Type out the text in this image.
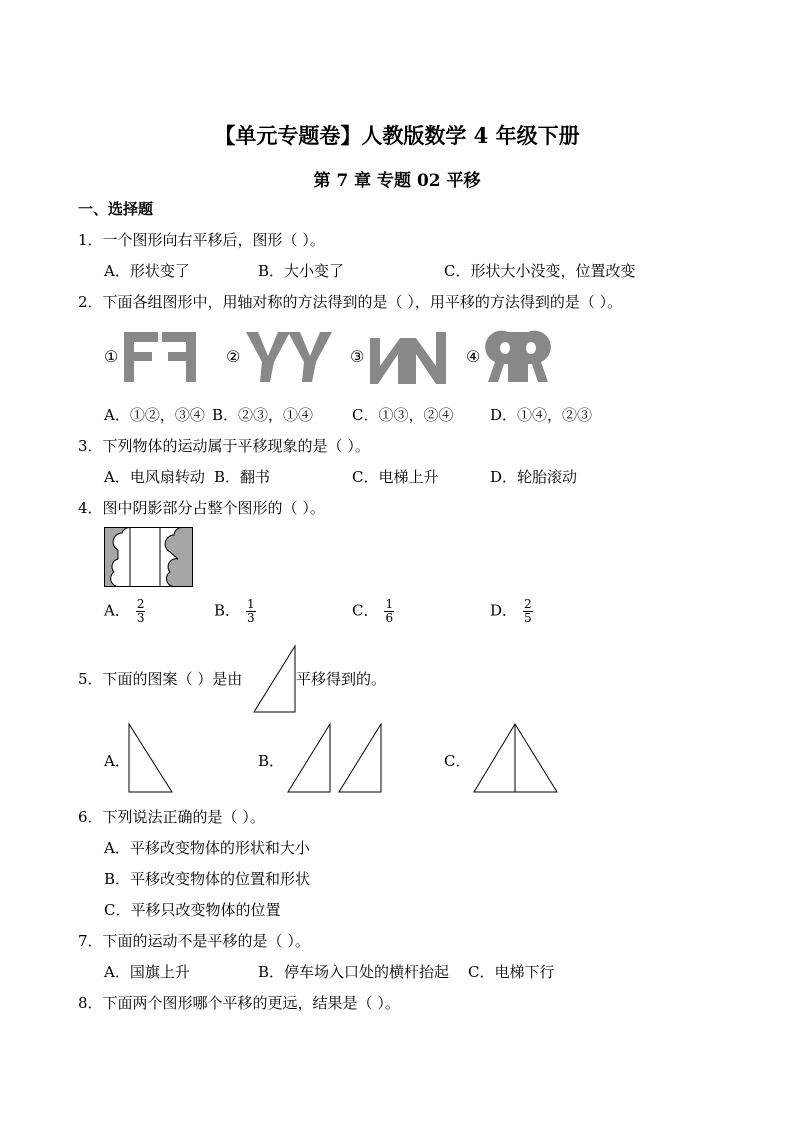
【单元专题卷】人教版数学 4 年级下册
第 7 章 专题 02 平移
一、选择题
1．一个图形向右平移后，图形（ ）。
A．形状变了	B．大小变了	C．形状大小没变，位置改变
2．下面各组图形中，用轴对称的方法得到的是（ ），用平移的方法得到的是（ ）。
①	②	③	④
A．①②，③④ B．②③，①④	C．①③，②④ D．①④，②③
3．下列物体的运动属于平移现象的是（ ）。
A．电风扇转动 B．翻书	C．电梯上升	D．轮胎滚动
4．图中阴影部分占整个图形的（ ）。
A． $\frac{2}{3}$	B． $\frac{1}{3}$	C． $\frac{1}{6}$	D． $\frac{2}{5}$
5．下面的图案（ ）是由	平移得到的。
A．	B．	C．
6．下列说法正确的是（ ）。
A．平移改变物体的形状和大小
B．平移改变物体的位置和形状
C．平移只改变物体的位置
7．下面的运动不是平移的是（ ）。
A．国旗上升	B．停车场入口处的横杆抬起 C．电梯下行
8．下面两个图形哪个平移的更远，结果是（ ）。
